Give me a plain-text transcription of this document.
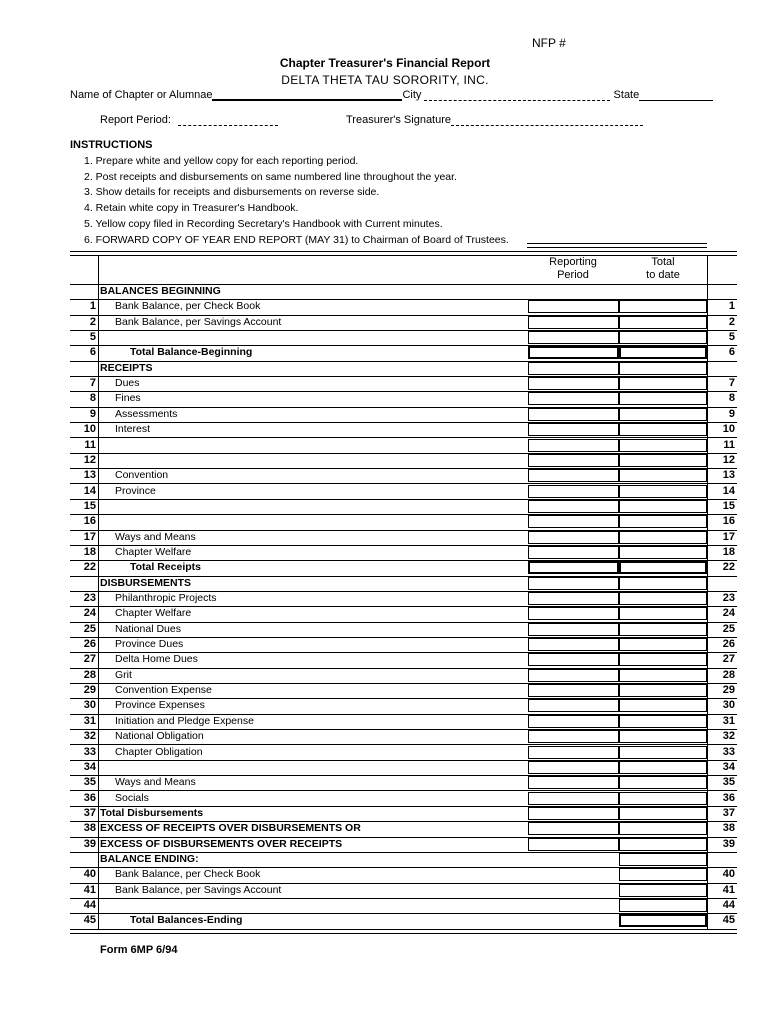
NFP #
Chapter Treasurer's Financial Report
DELTA THETA TAU SORORITY, INC.
Name of Chapter or Alumnae	City	State
Report Period:	Treasurer's Signature
INSTRUCTIONS
1. Prepare white and yellow copy for each reporting period.
2. Post receipts and disbursements on same numbered line throughout the year.
3. Show details for receipts and disbursements on reverse side.
4. Retain white copy in Treasurer's Handbook.
5. Yellow copy filed in Recording Secretary's Handbook with Current minutes.
6. FORWARD COPY OF YEAR END REPORT (MAY 31) to Chairman of Board of Trustees.
Reporting
Period
Total
to date
BALANCES BEGINNING
1 Bank Balance, per Check Book	1
2 Bank Balance, per Savings Account	2
5	5
6	Total Balance-Beginning	6
RECEIPTS
7 Dues	7
8 Fines	8
9 Assessments	9
10 Interest	10
11	11
12	12
13 Convention	13
14 Province	14
15	15
16	16
17 Ways and Means	17
18 Chapter Welfare	18
22	Total Receipts	22
DISBURSEMENTS
23 Philanthropic Projects	23
24 Chapter Welfare	24
25 National Dues	25
26 Province Dues	26
27 Delta Home Dues	27
28 Grit	28
29 Convention Expense	29
30 Province Expenses	30
31 Initiation and Pledge Expense	31
32 National Obligation	32
33 Chapter Obligation	33
34	34
35 Ways and Means	35
36 Socials	36
37 Total Disbursements	37
38 EXCESS OF RECEIPTS OVER DISBURSEMENTS OR	38
39 EXCESS OF DISBURSEMENTS OVER RECEIPTS	39
BALANCE ENDING:
40 Bank Balance, per Check Book	40
41 Bank Balance, per Savings Account	41
44	44
45	Total Balances-Ending	45
Form 6MP 6/94
